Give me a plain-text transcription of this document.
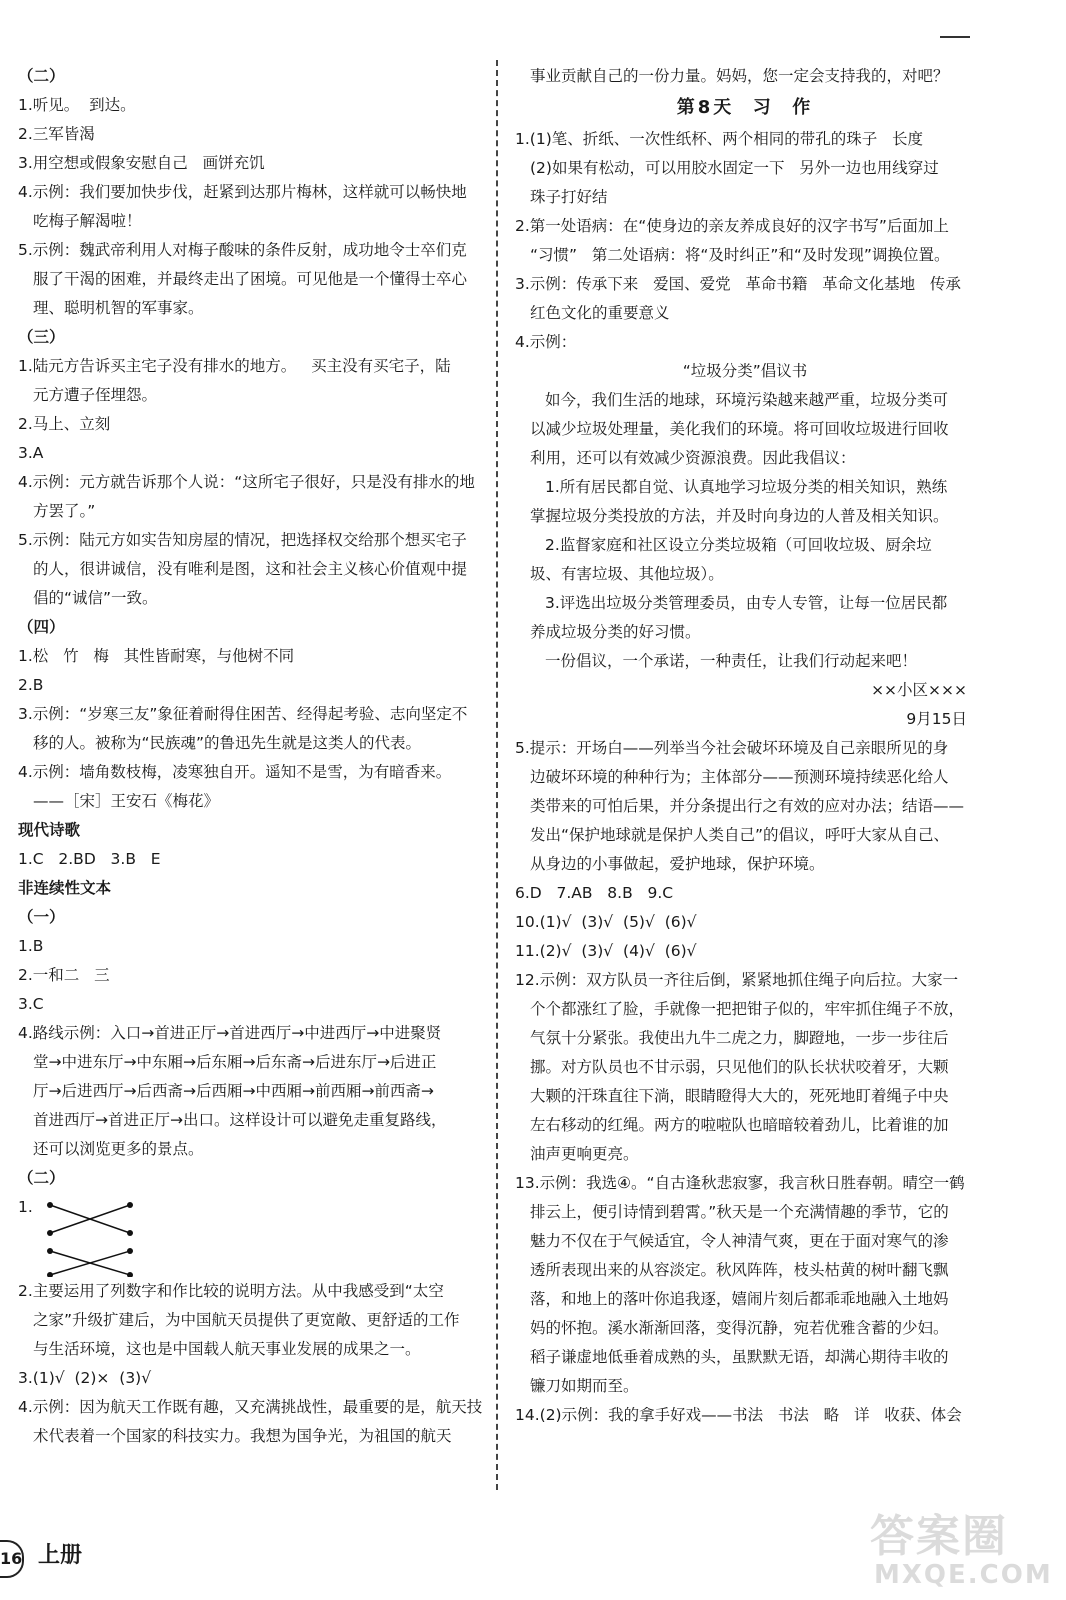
（二）

1.听见。  到达。

2.三军皆渴

3.用空想或假象安慰自己   画饼充饥

4.示例：我们要加快步伐，赶紧到达那片梅林，这样就可以畅快地

吃梅子解渴啦！

5.示例：魏武帝利用人对梅子酸味的条件反射，成功地令士卒们克

服了干渴的困难，并最终走出了困境。可见他是一个懂得士卒心

理、聪明机智的军事家。

（三）

1.陆元方告诉买主宅子没有排水的地方。   买主没有买宅子，陆

元方遭子侄埋怨。

2.马上、立刻

3.A

4.示例：元方就告诉那个人说：“这所宅子很好，只是没有排水的地

方罢了。”

5.示例：陆元方如实告知房屋的情况，把选择权交给那个想买宅子

的人，很讲诚信，没有唯利是图，这和社会主义核心价值观中提

倡的“诚信”一致。

（四）

1.松   竹   梅   其性皆耐寒，与他树不同

2.B

3.示例：“岁寒三友”象征着耐得住困苦、经得起考验、志向坚定不

移的人。被称为“民族魂”的鲁迅先生就是这类人的代表。

4.示例：墙角数枝梅，凌寒独自开。遥知不是雪，为有暗香来。

——［宋］王安石《梅花》

现代诗歌

1.C   2.BD   3.B   E

非连续性文本

（一）

1.B

2.一和二   三

3.C

4.路线示例：入口→首进正厅→首进西厅→中进西厅→中进聚贤

堂→中进东厅→中东厢→后东厢→后东斋→后进东厅→后进正

厅→后进西厅→后西斋→后西厢→中西厢→前西厢→前西斋→

首进西厅→首进正厅→出口。这样设计可以避免走重复路线，

还可以浏览更多的景点。

（二）

1.

2.主要运用了列数字和作比较的说明方法。从中我感受到“太空

之家”升级扩建后，为中国航天员提供了更宽敞、更舒适的工作

与生活环境，这也是中国载人航天事业发展的成果之一。

3.(1)√  (2)×  (3)√

4.示例：因为航天工作既有趣，又充满挑战性，最重要的是，航天技

术代表着一个国家的科技实力。我想为国争光，为祖国的航天

事业贡献自己的一份力量。妈妈，您一定会支持我的，对吧？

第8天  习  作

1.(1)笔、折纸、一次性纸杯、两个相同的带孔的珠子   长度

(2)如果有松动，可以用胶水固定一下   另外一边也用线穿过

珠子打好结

2.第一处语病：在“使身边的亲友养成良好的汉字书写”后面加上

“习惯”   第二处语病：将“及时纠正”和“及时发现”调换位置。

3.示例：传承下来   爱国、爱党   革命书籍   革命文化基地   传承

红色文化的重要意义

4.示例：

“垃圾分类”倡议书

如今，我们生活的地球，环境污染越来越严重，垃圾分类可

以减少垃圾处理量，美化我们的环境。将可回收垃圾进行回收

利用，还可以有效减少资源浪费。因此我倡议：

1.所有居民都自觉、认真地学习垃圾分类的相关知识，熟练

掌握垃圾分类投放的方法，并及时向身边的人普及相关知识。

2.监督家庭和社区设立分类垃圾箱（可回收垃圾、厨余垃

圾、有害垃圾、其他垃圾）。

3.评选出垃圾分类管理委员，由专人专管，让每一位居民都

养成垃圾分类的好习惯。

一份倡议，一个承诺，一种责任，让我们行动起来吧！

××小区×××

9月15日

5.提示：开场白——列举当今社会破坏环境及自己亲眼所见的身

边破坏环境的种种行为；主体部分——预测环境持续恶化给人

类带来的可怕后果，并分条提出行之有效的应对办法；结语——

发出“保护地球就是保护人类自己”的倡议，呼吁大家从自己、

从身边的小事做起，爱护地球，保护环境。

6.D   7.AB   8.B   9.C

10.(1)√  (3)√  (5)√  (6)√

11.(2)√  (3)√  (4)√  (6)√

12.示例：双方队员一齐往后倒，紧紧地抓住绳子向后拉。大家一

个个都涨红了脸，手就像一把把钳子似的，牢牢抓住绳子不放，

气氛十分紧张。我使出九牛二虎之力，脚蹬地，一步一步往后

挪。对方队员也不甘示弱，只见他们的队长状状咬着牙，大颗

大颗的汗珠直往下淌，眼睛瞪得大大的，死死地盯着绳子中央

左右移动的红绳。两方的啦啦队也暗暗较着劲儿，比着谁的加

油声更响更亮。

13.示例：我选④。“自古逢秋悲寂寥，我言秋日胜春朝。晴空一鹤

排云上，便引诗情到碧霄。”秋天是一个充满情趣的季节，它的

魅力不仅在于气候适宜，令人神清气爽，更在于面对寒气的渗

透所表现出来的从容淡定。秋风阵阵，枝头枯黄的树叶翻飞飘

落，和地上的落叶你追我逐，嬉闹片刻后都乖乖地融入土地妈

妈的怀抱。溪水渐渐回落，变得沉静，宛若优雅含蓄的少妇。

稻子谦虚地低垂着成熟的头，虽默默无语，却满心期待丰收的

镰刀如期而至。

14.(2)示例：我的拿手好戏——书法   书法   略   详   收获、体会

16 上册	答案圈
MXQE.COM
